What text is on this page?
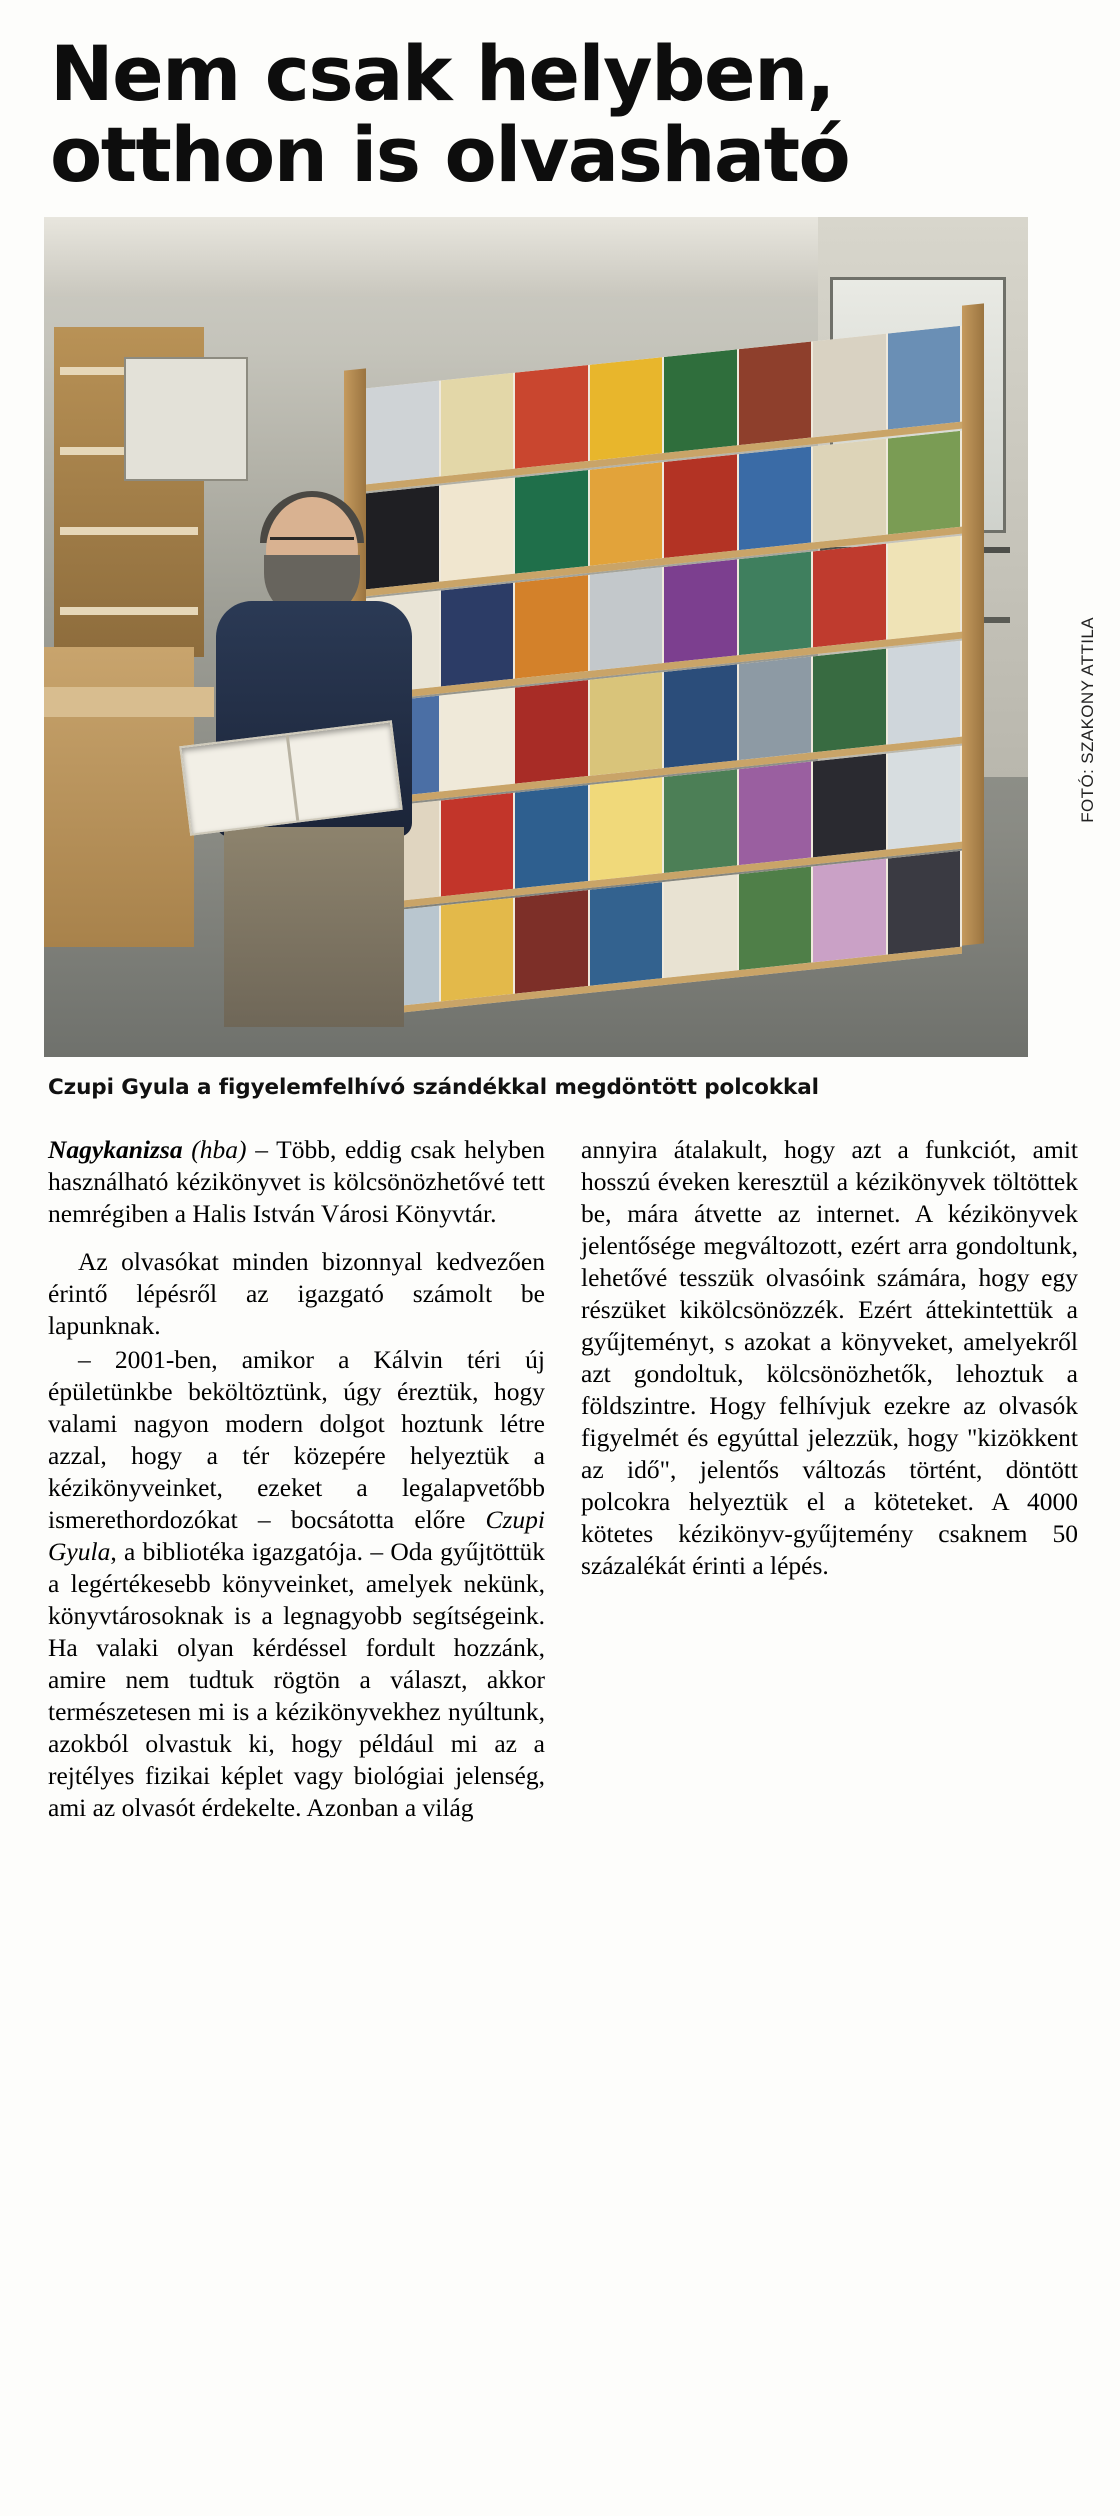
Nem csak helyben,
otthon is olvasható
FOTÓ: SZAKONY ATTILA
Czupi Gyula a figyelemfelhívó szándékkal megdöntött polcokkal

Nagykanizsa (hba) – Több, eddig csak helyben használható kézikönyvet is kölcsönözhetővé tett nemrégiben a Halis István Városi Könyvtár.

Az olvasókat minden bizonnyal kedvezően érintő lépésről az igazgató számolt be lapunknak.

– 2001-ben, amikor a Kálvin téri új épületünkbe beköltöztünk, úgy éreztük, hogy valami nagyon modern dolgot hoztunk létre azzal, hogy a tér közepére helyeztük a kézikönyveinket, ezeket a legalapvetőbb ismerethordozókat – bocsátotta előre Czupi Gyula, a bibliotéka igazgatója. – Oda gyűjtöttük a legértékesebb könyveinket, amelyek nekünk, könyvtárosoknak is a legnagyobb segítségeink. Ha valaki olyan kérdéssel fordult hozzánk, amire nem tudtuk rögtön a választ, akkor természetesen mi is a kézikönyvekhez nyúltunk, azokból olvastuk ki, hogy például mi az a rejtélyes fizikai képlet vagy biológiai jelenség, ami az olvasót érdekelte. Azonban a világ

annyira átalakult, hogy azt a funkciót, amit hosszú éveken keresztül a kézikönyvek töltöttek be, mára átvette az internet. A kézikönyvek jelentősége megváltozott, ezért arra gondoltunk, lehetővé tesszük olvasóink számára, hogy egy részüket kikölcsönözzék. Ezért áttekintettük a gyűjteményt, s azokat a könyveket, amelyekről azt gondoltuk, kölcsönözhetők, lehoztuk a földszintre. Hogy felhívjuk ezekre az olvasók figyelmét és egyúttal jelezzük, hogy "kizökkent az idő", jelentős változás történt, döntött polcokra helyeztük el a köteteket. A 4000 kötetes kézikönyv-gyűjtemény csaknem 50 százalékát érinti a lépés.
